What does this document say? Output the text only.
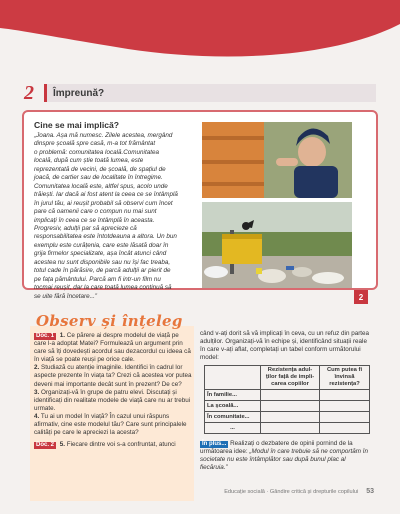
2	Împreună?
Cine se mai implică?
„Joana. Așa mă numesc. Zilele acestea, mergând
dinspre școală spre casă, m-a tot frământat
o problemă: comunitatea locală.Comunitatea
locală, după cum știe toată lumea, este
reprezentată de vecini, de școală, de spațiul de
joacă, de cartier sau de localitate în întregime.
Comunitatea locală este, altfel spus, acolo unde
trăiești. Iar dacă ai fost atent la ceea ce se întâmplă
în jurul tău, ai reușit probabil să observi cum încet
pare că oamenii care o compun nu mai sunt
implicați în ceea ce se întâmplă în aceasta.
Progresiv, adulții par să aprecieze că
responsabilitatea este întotdeauna a altora. Un bun
exemplu este curățenia, care este lăsată doar în
grija firmelor specializate, așa încât atunci când
acestea nu sunt disponibile sau nu își fac treaba,
totul cade în părăsire, de parcă adulții ar pierit de
pe fața pământului. Parcă am fi intr-un film nu
tocmai reușit, dar la care toată lumea continuă să
se uite fără încetare...”	2
Observ și înțeleg

Doc. 1 1. Ce părere ai despre modelul de viață pe care l-a adoptat Matei? Formulează un argument prin care să îți dovedești acordul sau dezacordul cu ideea că în viață se poate reuși pe orice cale.

2. Studiază cu atenție imaginile. Identifici în cadrul lor aspecte prezente în viața ta? Crezi că acestea vor putea deveni mai importante decât sunt în prezent? De ce?

3. Organizați-vă în grupe de patru elevi. Discutați și identificați din realitate modele de viață care nu ar trebui urmate.

4. Tu ai un model în viață? În cazul unui răspuns afirmativ, cine este modelul tău? Care sunt principalele calități pe care le apreciezi la acesta?

Doc. 2 5. Fiecare dintre voi s-a confruntat, atunci

când v-ați dorit să vă implicați în ceva, cu un refuz din partea adulților. Organizați-vă în echipe și, identificând situații reale în care v-ați aflat, completați un tabel conform următorului model:

	Rezistența adul-ților față de impli-carea copiilor	Cum putea fi învinsă rezistența?
În familie...		
La școală...		
În comunitate...		
...		

În plus... Realizați o dezbatere de opinii pornind de la următoarea idee: „Modul în care trebuie să ne comportăm în societate nu este întâmplător sau după bunul plac al fiecăruia.”

Educație socială · Gândire critică și drepturile copilului 53
